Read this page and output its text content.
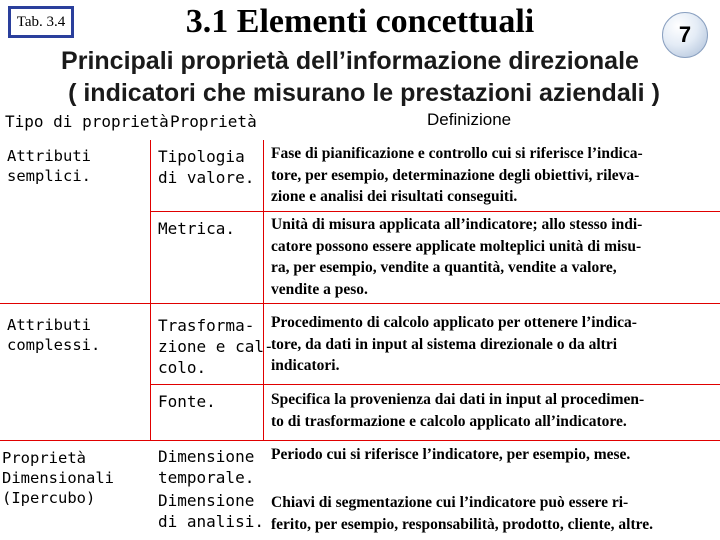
3.1 Elementi concettuali
Tab. 3.4
7
Principali proprietà dell’informazione direzionale
( indicatori che misurano le prestazioni aziendali )
Tipo di proprietà Proprietà	Definizione
Attributi
semplici.
Tipologia
di valore.
Fase di pianificazione e controllo cui si riferisce l’indica-
tore, per esempio, determinazione degli obiettivi, rileva-
zione e analisi dei risultati conseguiti.
Metrica. Unità di misura applicata all’indicatore; allo stesso indi-
catore possono essere applicate molteplici unità di misu-
ra, per esempio, vendite a quantità, vendite a valore,
vendite a peso.
Attributi
complessi.
Trasforma-
zione e cal-
colo.
Procedimento di calcolo applicato per ottenere l’indica-
tore, da dati in input al sistema direzionale o da altri
indicatori.
Fonte.	Specifica la provenienza dai dati in input al procedimen-
to di trasformazione e calcolo applicato all’indicatore.
Proprietà
Dimensionali
(Ipercubo)
Dimensione
temporale.
Periodo cui si riferisce l’indicatore, per esempio, mese.
Dimensione
di analisi.
Chiavi di segmentazione cui l’indicatore può essere ri-
ferito, per esempio, responsabilità, prodotto, cliente, altre.
